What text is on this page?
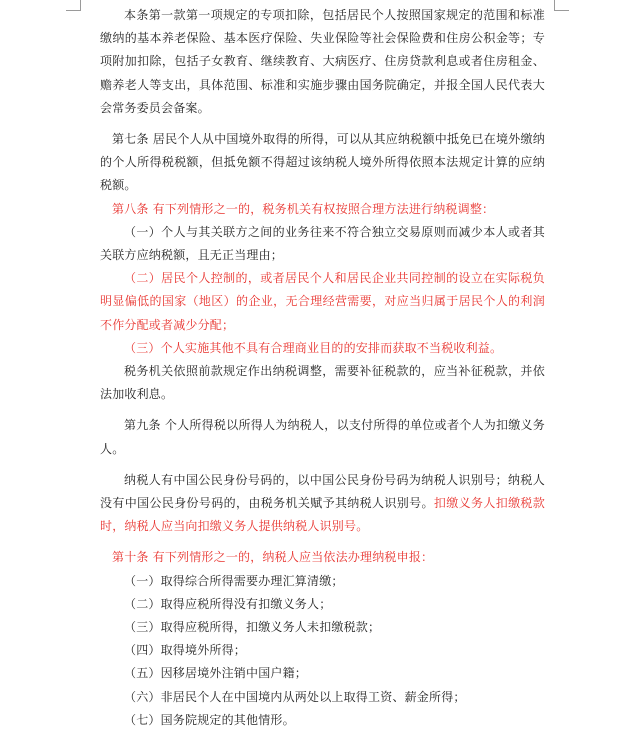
本条第一款第一项规定的专项扣除，包括居民个人按照国家规定的范围和标准缴纳的基本养老保险、基本医疗保险、失业保险等社会保险费和住房公积金等；专项附加扣除，包括子女教育、继续教育、大病医疗、住房贷款利息或者住房租金、赡养老人等支出，具体范围、标准和实施步骤由国务院确定，并报全国人民代表大会常务委员会备案。

第七条 居民个人从中国境外取得的所得，可以从其应纳税额中抵免已在境外缴纳的个人所得税税额，但抵免额不得超过该纳税人境外所得依照本法规定计算的应纳税额。

第八条 有下列情形之一的，税务机关有权按照合理方法进行纳税调整：

（一）个人与其关联方之间的业务往来不符合独立交易原则而减少本人或者其关联方应纳税额，且无正当理由；

（二）居民个人控制的，或者居民个人和居民企业共同控制的设立在实际税负明显偏低的国家（地区）的企业，无合理经营需要，对应当归属于居民个人的利润不作分配或者减少分配；

（三）个人实施其他不具有合理商业目的的安排而获取不当税收利益。

税务机关依照前款规定作出纳税调整，需要补征税款的，应当补征税款，并依法加收利息。

第九条 个人所得税以所得人为纳税人，以支付所得的单位或者个人为扣缴义务人。

纳税人有中国公民身份号码的，以中国公民身份号码为纳税人识别号；纳税人没有中国公民身份号码的，由税务机关赋予其纳税人识别号。扣缴义务人扣缴税款时，纳税人应当向扣缴义务人提供纳税人识别号。

第十条 有下列情形之一的，纳税人应当依法办理纳税申报：

（一）取得综合所得需要办理汇算清缴；

（二）取得应税所得没有扣缴义务人；

（三）取得应税所得，扣缴义务人未扣缴税款；

（四）取得境外所得；

（五）因移居境外注销中国户籍；

（六）非居民个人在中国境内从两处以上取得工资、薪金所得；

（七）国务院规定的其他情形。
